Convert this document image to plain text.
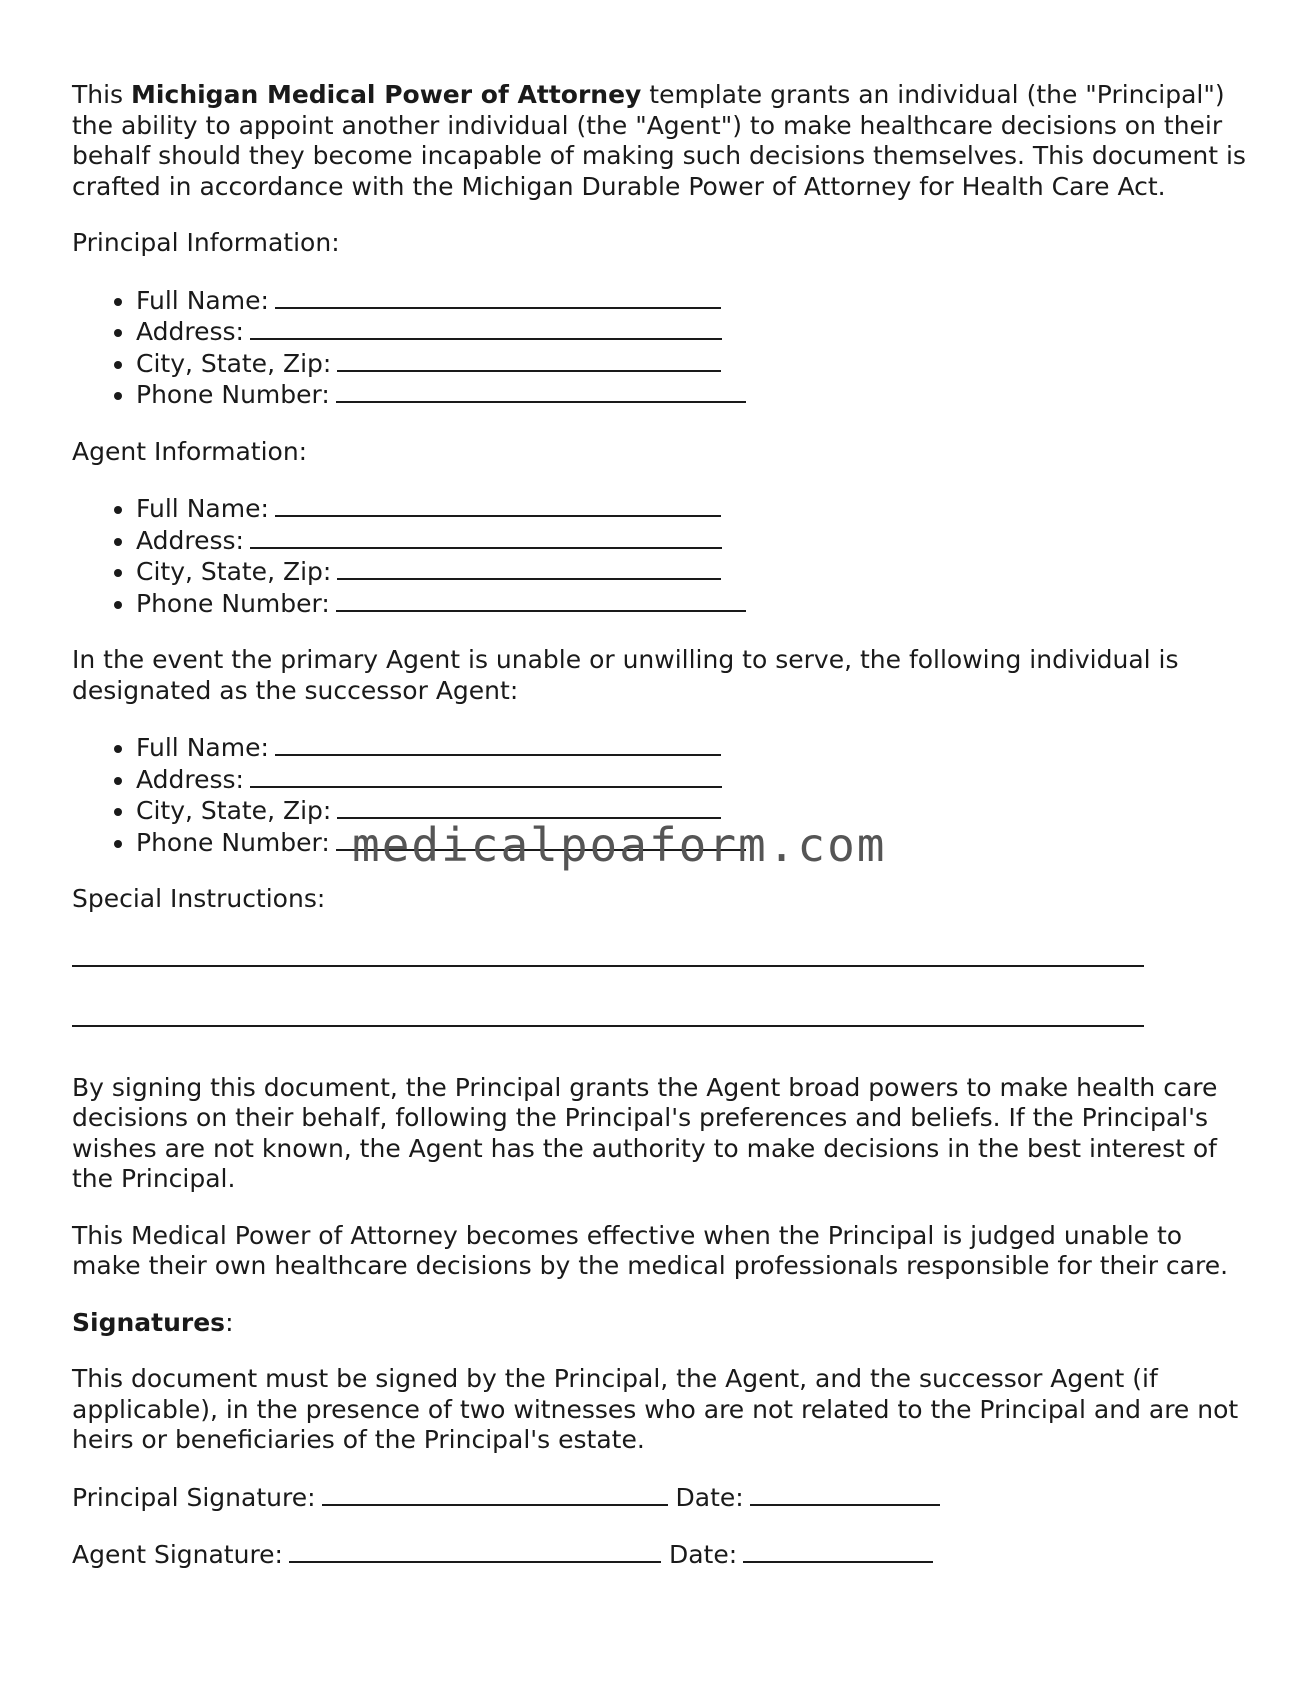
This Michigan Medical Power of Attorney template grants an individual (the "Principal") the ability to appoint another individual (the "Agent") to make healthcare decisions on their behalf should they become incapable of making such decisions themselves. This document is crafted in accordance with the Michigan Durable Power of Attorney for Health Care Act.

Principal Information:
• Full Name:
• Address:
• City, State, Zip:
• Phone Number:
Agent Information:
• Full Name:
• Address:
• City, State, Zip:
• Phone Number:

In the event the primary Agent is unable or unwilling to serve, the following individual is designated as the successor Agent:

• Full Name:
• Address:
• City, State, Zip:
• Phone Number:
Special Instructions:

By signing this document, the Principal grants the Agent broad powers to make health care decisions on their behalf, following the Principal's preferences and beliefs. If the Principal's wishes are not known, the Agent has the authority to make decisions in the best interest of the Principal.

This Medical Power of Attorney becomes effective when the Principal is judged unable to make their own healthcare decisions by the medical professionals responsible for their care.

Signatures:

This document must be signed by the Principal, the Agent, and the successor Agent (if applicable), in the presence of two witnesses who are not related to the Principal and are not heirs or beneficiaries of the Principal's estate.

Principal Signature:	Date:
Agent Signature:	Date:
medicalpoaform.com
